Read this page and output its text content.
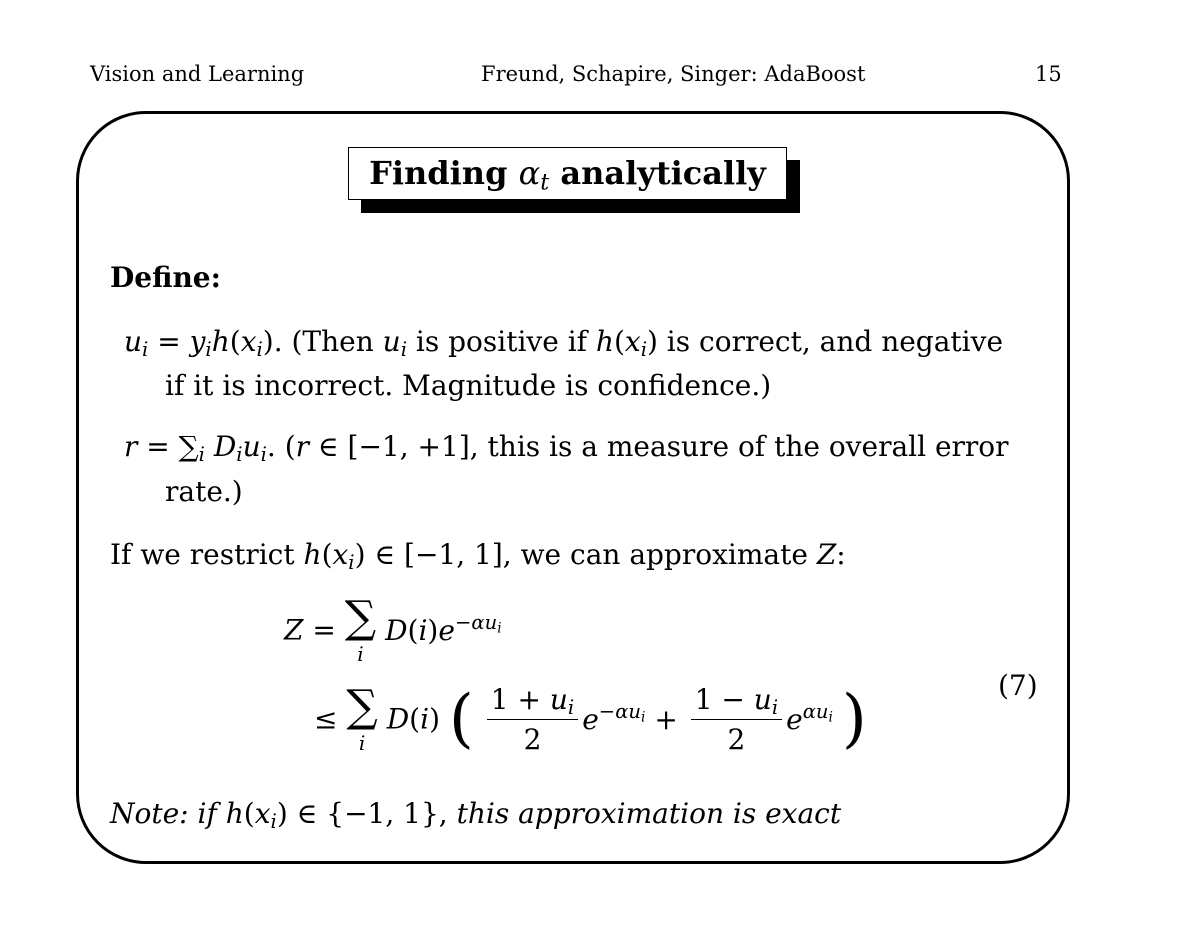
Vision and Learning	Freund, Schapire, Singer: AdaBoost	15
Finding $\alpha_t$ analytically
Define:
$u_i = y_ih(x_i)$. (Then $u_i$ is positive if $h(x_i)$ is correct, and negative
if it is incorrect. Magnitude is confidence.)
$r = \sum_i$ $D_iu_i$. (r ∈ [−1, +1], this is a measure of the overall error
rate.)
If we restrict $h(x_i)$ ∈ [−1, 1], we can approximate Z:
Z = ∑
i
$D(i)e^{-\alpha u_i}$
≤ ∑
i
D(i) ( $\frac{1 + u_i}{2} e^{-\alpha u_i} + \frac{1 - u_i}{2} e^{\alpha u_i}$ )	(7)
Note: if $h(x_i)$ ∈ {−1, 1}, this approximation is exact
